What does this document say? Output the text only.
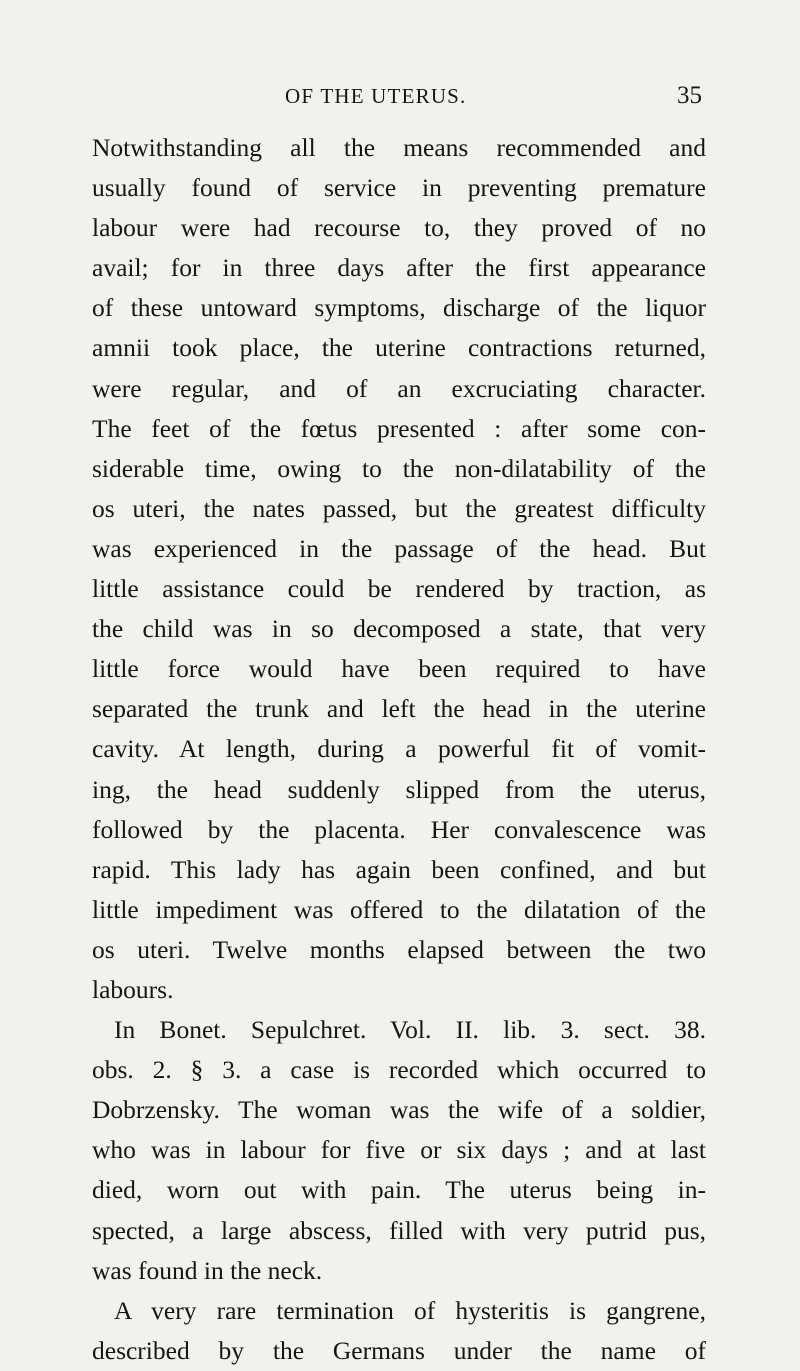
OF THE UTERUS.	35
Notwithstanding all the means recommended and
usually found of service in preventing premature
labour were had recourse to, they proved of no
avail; for in three days after the first appearance
of these untoward symptoms, discharge of the liquor
amnii took place, the uterine contractions returned,
were regular, and of an excruciating character.
The feet of the fœtus presented : after some con-
siderable time, owing to the non-dilatability of the
os uteri, the nates passed, but the greatest difficulty
was experienced in the passage of the head. But
little assistance could be rendered by traction, as
the child was in so decomposed a state, that very
little force would have been required to have
separated the trunk and left the head in the uterine
cavity. At length, during a powerful fit of vomit-
ing, the head suddenly slipped from the uterus,
followed by the placenta. Her convalescence was
rapid. This lady has again been confined, and but
little impediment was offered to the dilatation of the
os uteri. Twelve months elapsed between the two
labours.
In Bonet. Sepulchret. Vol. II. lib. 3. sect. 38.
obs. 2. § 3. a case is recorded which occurred to
Dobrzensky. The woman was the wife of a soldier,
who was in labour for five or six days ; and at last
died, worn out with pain. The uterus being in-
spected, a large abscess, filled with very putrid pus,
was found in the neck.
A very rare termination of hysteritis is gangrene,
described by the Germans under the name of
